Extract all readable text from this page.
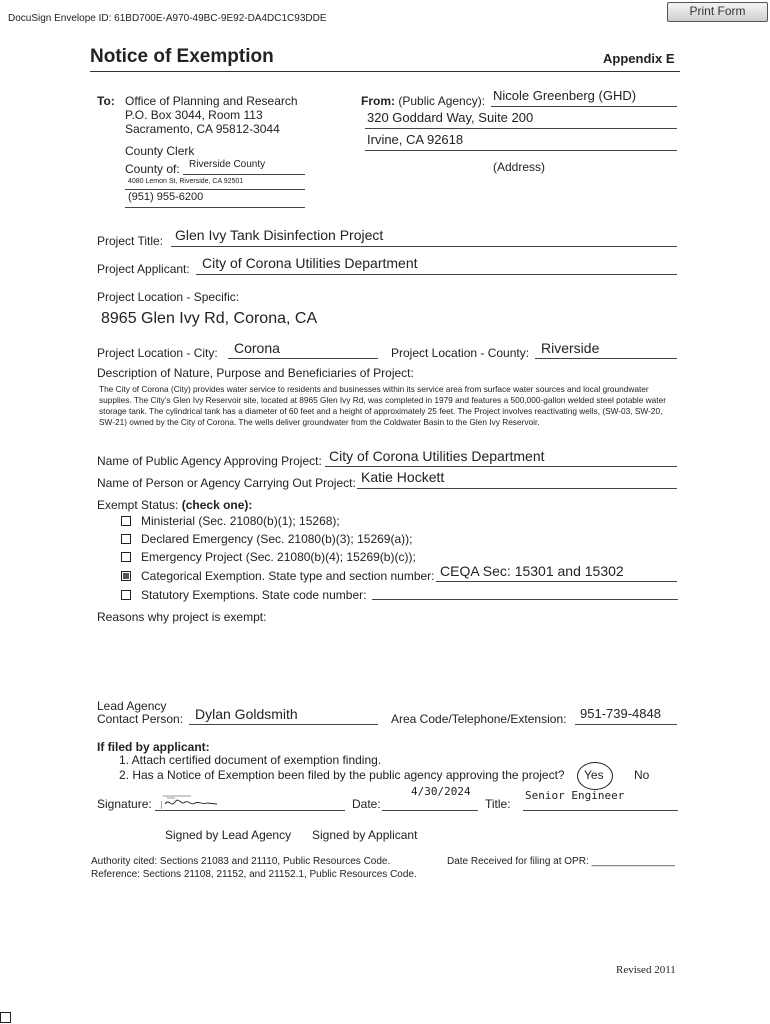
DocuSign Envelope ID: 61BD700E-A970-49BC-9E92-DA4DC1C93DDE
Print Form
Notice of Exemption	Appendix E
To: Office of Planning and Research
P.O. Box 3044, Room 113
Sacramento, CA 95812-3044
County Clerk
County of: Riverside County
4080 Lemon St, Riverside, CA 92501
(951) 955-6200
From: (Public Agency): Nicole Greenberg (GHD)
320 Goddard Way, Suite 200
Irvine, CA 92618
(Address)
Project Title: Glen Ivy Tank Disinfection Project
Project Applicant: City of Corona Utilities Department
Project Location - Specific:
8965 Glen Ivy Rd, Corona, CA
Project Location - City: Corona	Project Location - County: Riverside
Description of Nature, Purpose and Beneficiaries of Project:
The City of Corona (City) provides water service to residents and businesses within its service area from surface water sources and local groundwater
supplies. The City’s Glen Ivy Reservoir site, located at 8965 Glen Ivy Rd, was completed in 1979 and features a 500,000-gallon welded steel potable water
storage tank. The cylindrical tank has a diameter of 60 feet and a height of approximately 25 feet. The Project involves reactivating wells, (SW-03, SW-20,
SW-21) owned by the City of Corona. The wells deliver groundwater from the Coldwater Basin to the Glen Ivy Reservoir.
Name of Public Agency Approving Project: City of Corona Utilities Department
Name of Person or Agency Carrying Out Project: Katie Hockett
Exempt Status: (check one):
Ministerial (Sec. 21080(b)(1); 15268);
Declared Emergency (Sec. 21080(b)(3); 15269(a));
Emergency Project (Sec. 21080(b)(4); 15269(b)(c));
Categorical Exemption. State type and section number: CEQA Sec: 15301 and 15302
Statutory Exemptions. State code number:
Reasons why project is exempt:
Lead Agency
Contact Person: Dylan Goldsmith	Area Code/Telephone/Extension: 951-739-4848
If filed by applicant:
1. Attach certified document of exemption finding.
2. Has a Notice of Exemption been filed by the public agency approving the project? Yes	No
Signature:	Date:
4/30/2024
Title:
Senior Engineer
Signed by Lead Agency Signed by Applicant
Authority cited: Sections 21083 and 21110, Public Resources Code.
Reference: Sections 21108, 21152, and 21152.1, Public Resources Code.
Date Received for filing at OPR: _______________
Revised 2011
